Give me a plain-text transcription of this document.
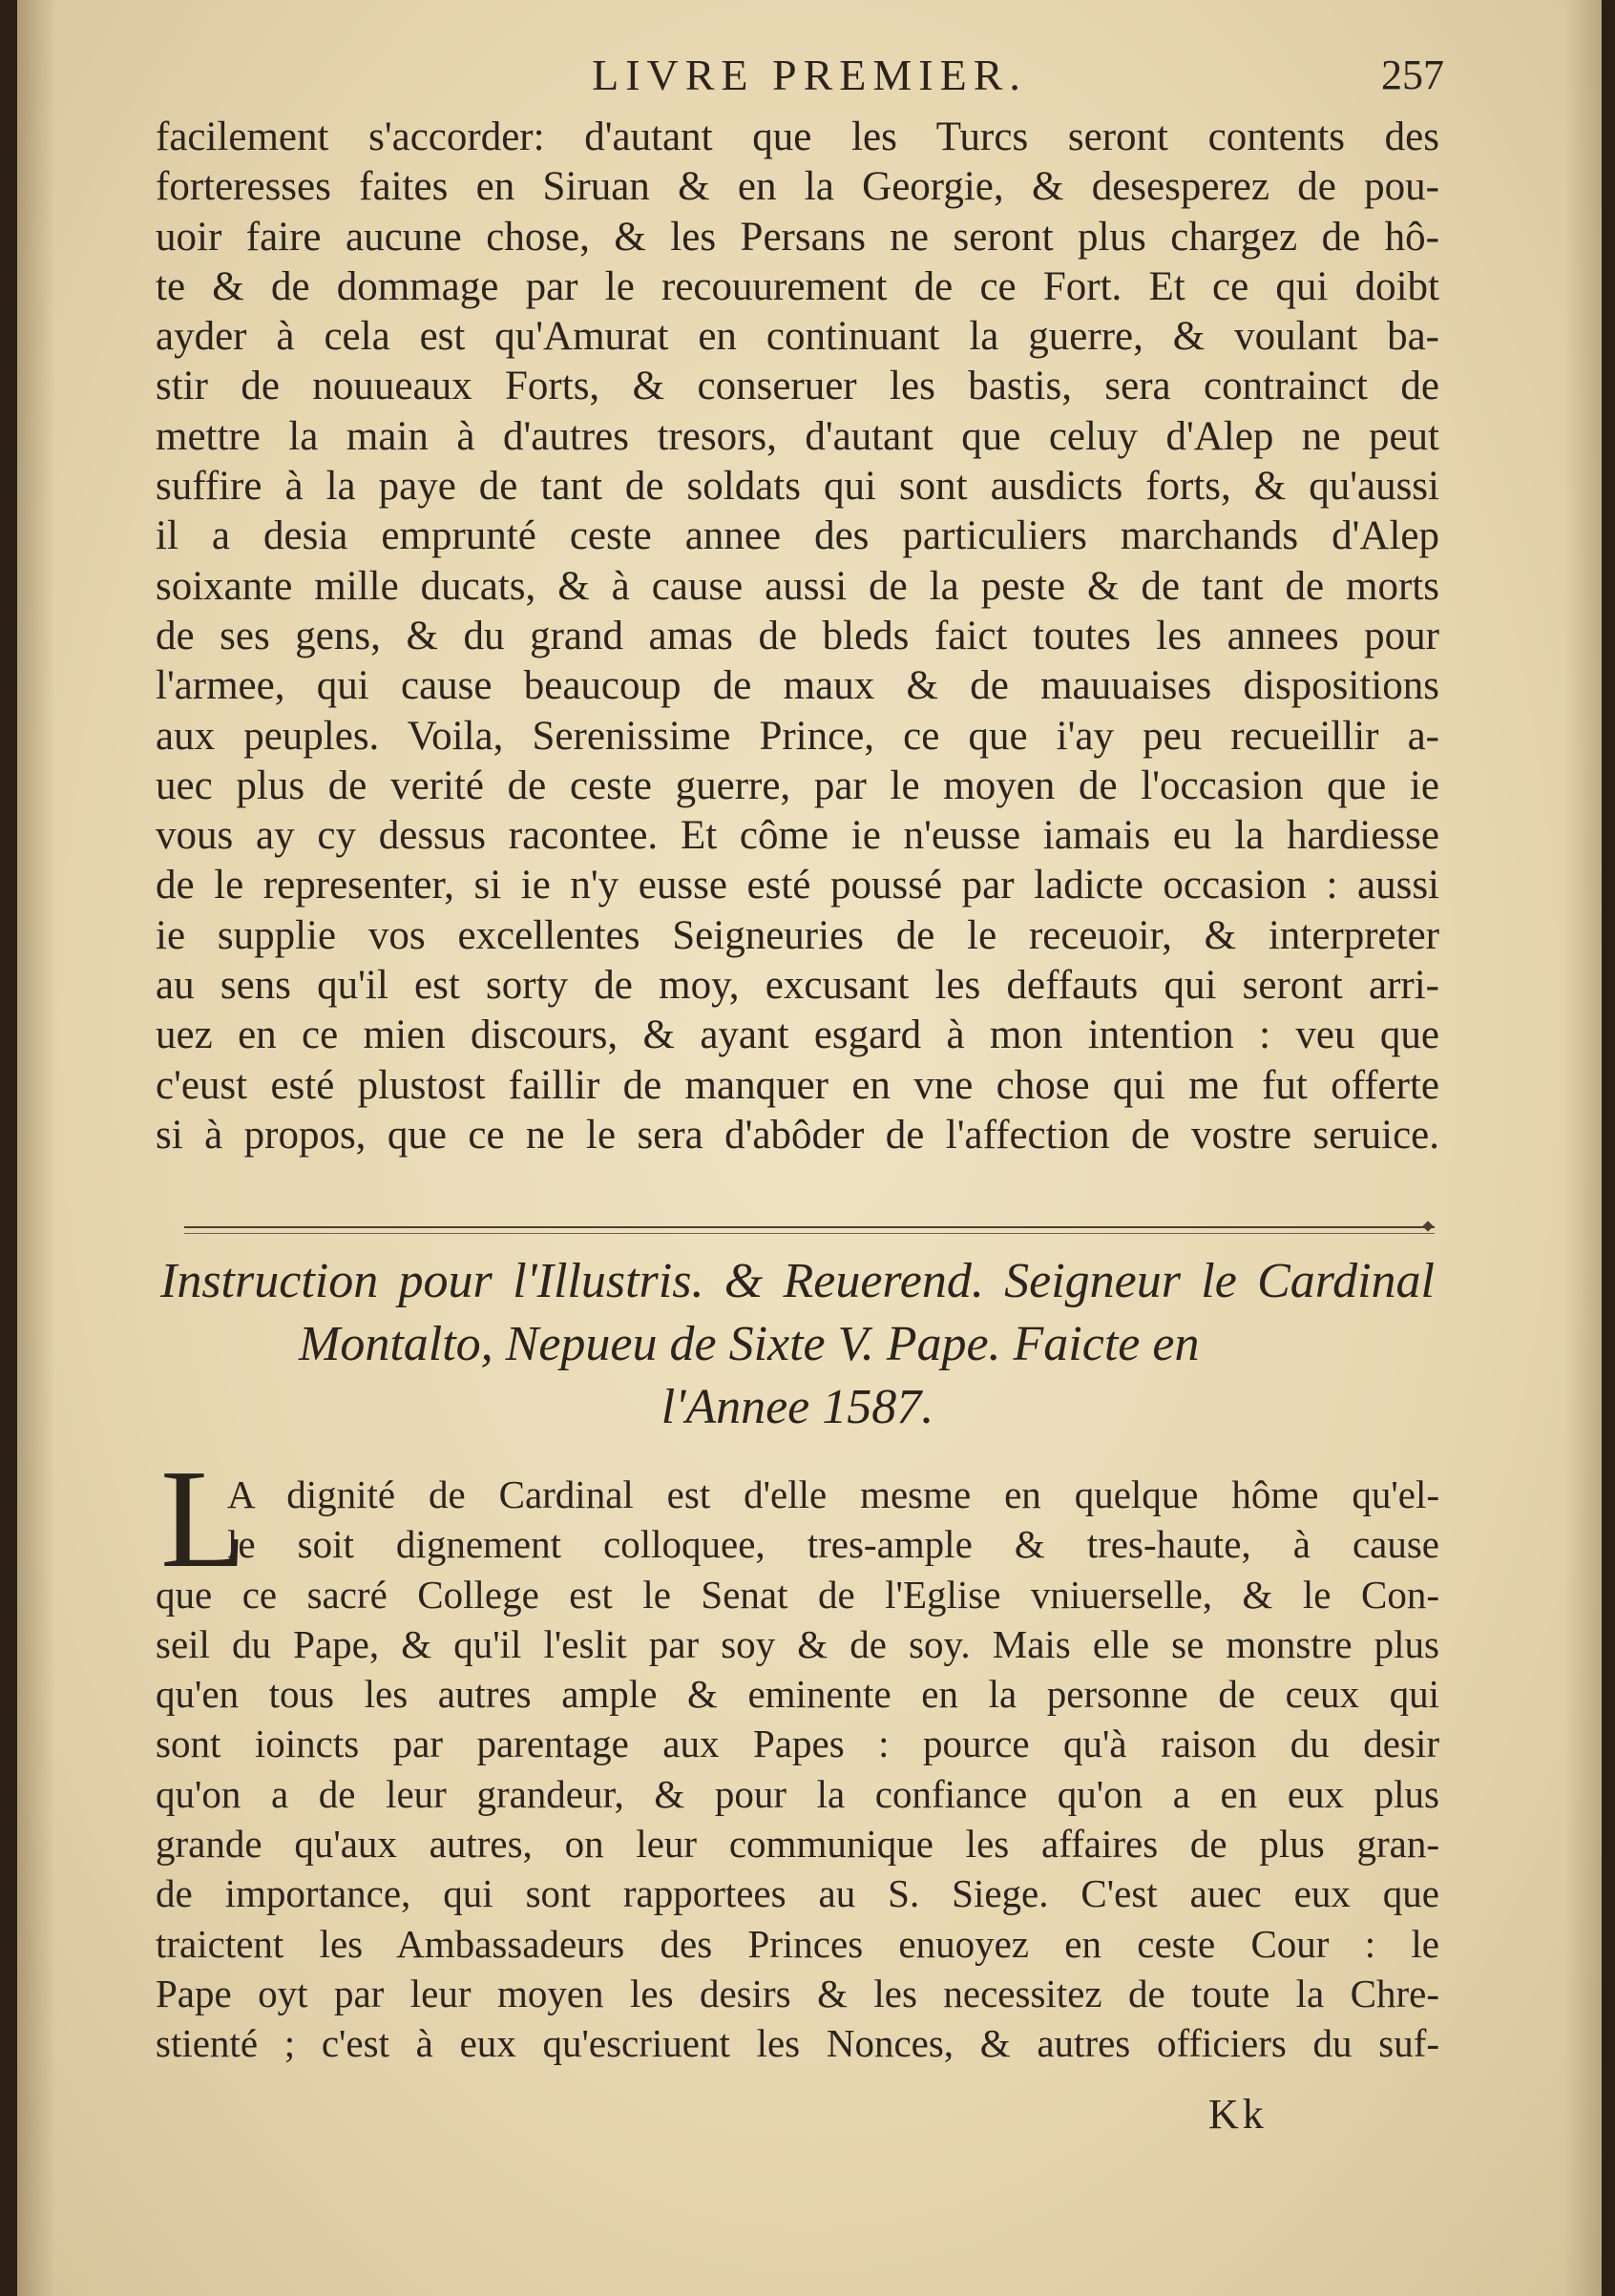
LIVRE PREMIER.	257
facilement s'accorder: d'autant que les Turcs seront contents des
forteresses faites en Siruan & en la Georgie, & desesperez de pou-
uoir faire aucune chose, & les Persans ne seront plus chargez de hô-
te & de dommage par le recouurement de ce Fort. Et ce qui doibt
ayder à cela est qu'Amurat en continuant la guerre, & voulant ba-
stir de nouueaux Forts, & conseruer les bastis, sera contrainct de
mettre la main à d'autres tresors, d'autant que celuy d'Alep ne peut
suffire à la paye de tant de soldats qui sont ausdicts forts, & qu'aussi
il a desia emprunté ceste annee des particuliers marchands d'Alep
soixante mille ducats, & à cause aussi de la peste & de tant de morts
de ses gens, & du grand amas de bleds faict toutes les annees pour
l'armee, qui cause beaucoup de maux & de mauuaises dispositions
aux peuples. Voila, Serenissime Prince, ce que i'ay peu recueillir a-
uec plus de verité de ceste guerre, par le moyen de l'occasion que ie
vous ay cy dessus racontee. Et côme ie n'eusse iamais eu la hardiesse
de le representer, si ie n'y eusse esté poussé par ladicte occasion : aussi
ie supplie vos excellentes Seigneuries de le receuoir, & interpreter
au sens qu'il est sorty de moy, excusant les deffauts qui seront arri-
uez en ce mien discours, & ayant esgard à mon intention : veu que
c'eust esté plustost faillir de manquer en vne chose qui me fut offerte
si à propos, que ce ne le sera d'abôder de l'affection de vostre seruice.
Instruction pour l'Illustris. & Reuerend. Seigneur le Cardinal
Montalto, Nepueu de Sixte V. Pape. Faicte en
l'Annee 1587.
L
A dignité de Cardinal est d'elle mesme en quelque hôme qu'el-
le soit dignement colloquee, tres-ample & tres-haute, à cause
que ce sacré College est le Senat de l'Eglise vniuerselle, & le Con-
seil du Pape, & qu'il l'eslit par soy & de soy. Mais elle se monstre plus
qu'en tous les autres ample & eminente en la personne de ceux qui
sont ioincts par parentage aux Papes : pource qu'à raison du desir
qu'on a de leur grandeur, & pour la confiance qu'on a en eux plus
grande qu'aux autres, on leur communique les affaires de plus gran-
de importance, qui sont rapportees au S. Siege. C'est auec eux que
traictent les Ambassadeurs des Princes enuoyez en ceste Cour : le
Pape oyt par leur moyen les desirs & les necessitez de toute la Chre-
stienté ; c'est à eux qu'escriuent les Nonces, & autres officiers du suf-
Kk
